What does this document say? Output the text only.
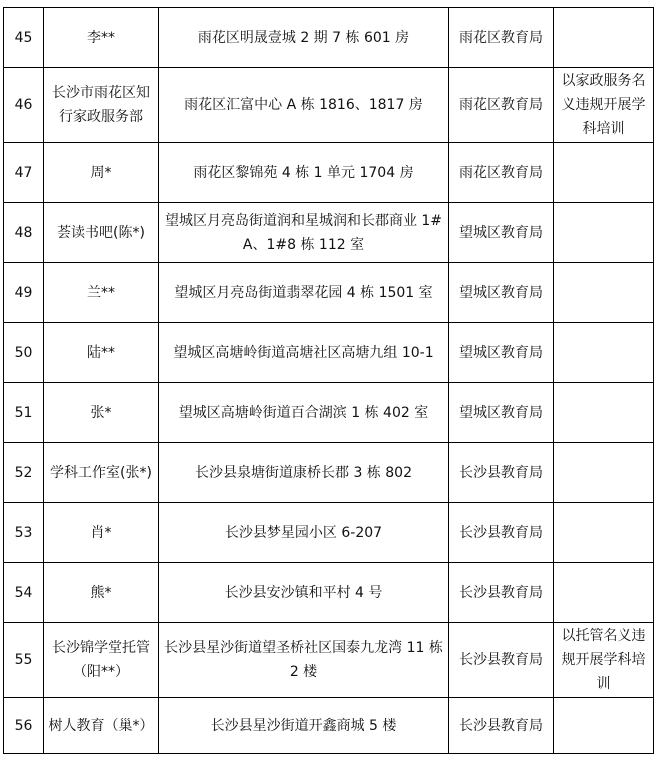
45	李**	雨花区明晟壹城 2 期 7 栋 601 房	雨花区教育局	
46	长沙市雨花区知行家政服务部	雨花区汇富中心 A 栋 1816、1817 房	雨花区教育局	以家政服务名义违规开展学科培训
47	周*	雨花区黎锦苑 4 栋 1 单元 1704 房	雨花区教育局	
48	荟读书吧(陈*)	望城区月亮岛街道润和星城润和长郡商业 1#A、1#8 栋 112 室	望城区教育局	
49	兰**	望城区月亮岛街道翡翠花园 4 栋 1501 室	望城区教育局	
50	陆**	望城区高塘岭街道高塘社区高塘九组 10-1	望城区教育局	
51	张*	望城区高塘岭街道百合湖滨 1 栋 402 室	望城区教育局	
52	学科工作室(张*)	长沙县泉塘街道康桥长郡 3 栋 802	长沙县教育局	
53	肖*	长沙县梦星园小区 6-207	长沙县教育局	
54	熊*	长沙县安沙镇和平村 4 号	长沙县教育局	
55	长沙锦学堂托管（阳**）	长沙县星沙街道望圣桥社区国泰九龙湾 11 栋 2 楼	长沙县教育局	以托管名义违规开展学科培训
56	树人教育（巢*）	长沙县星沙街道开鑫商城 5 楼	长沙县教育局	
